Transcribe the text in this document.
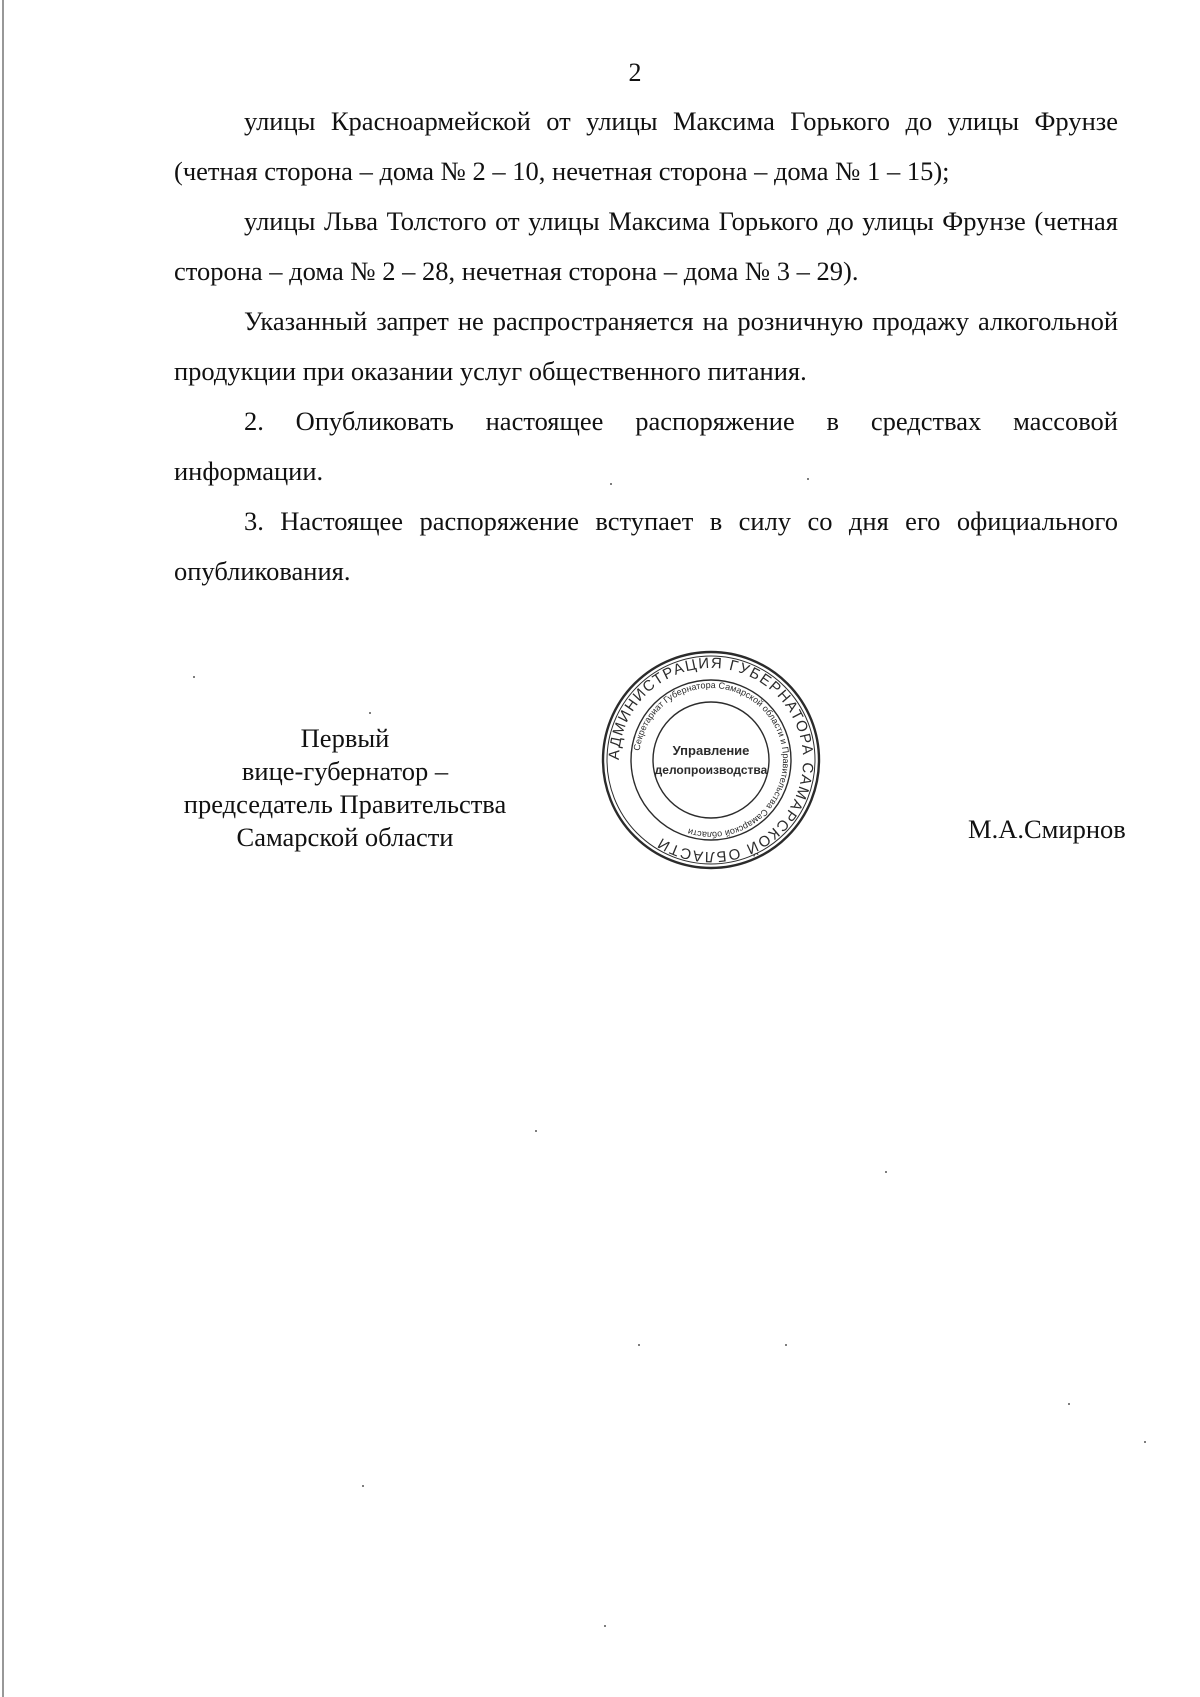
2

улицы Красноармейской от улицы Максима Горького до улицы Фрунзе (четная сторона – дома № 2 – 10, нечетная сторона – дома № 1 – 15);

улицы Льва Толстого от улицы Максима Горького до улицы Фрунзе (четная сторона – дома № 2 – 28, нечетная сторона – дома № 3 – 29).

Указанный запрет не распространяется на розничную продажу алкогольной продукции при оказании услуг общественного питания.

2. Опубликовать настоящее распоряжение в средствах массовой информации.

3. Настоящее распоряжение вступает в силу со дня его официального опубликования.

Первый
вице-губернатор –
председатель Правительства
Самарской области
АДМИНИСТРАЦИЯ ГУБЕРНАТОРА САМАРСКОЙ ОБЛАСТИ
Секретариат Губернатора Самарской области и Правительства Самарской области
Управление
делопроизводства
М.А.Смирнов
